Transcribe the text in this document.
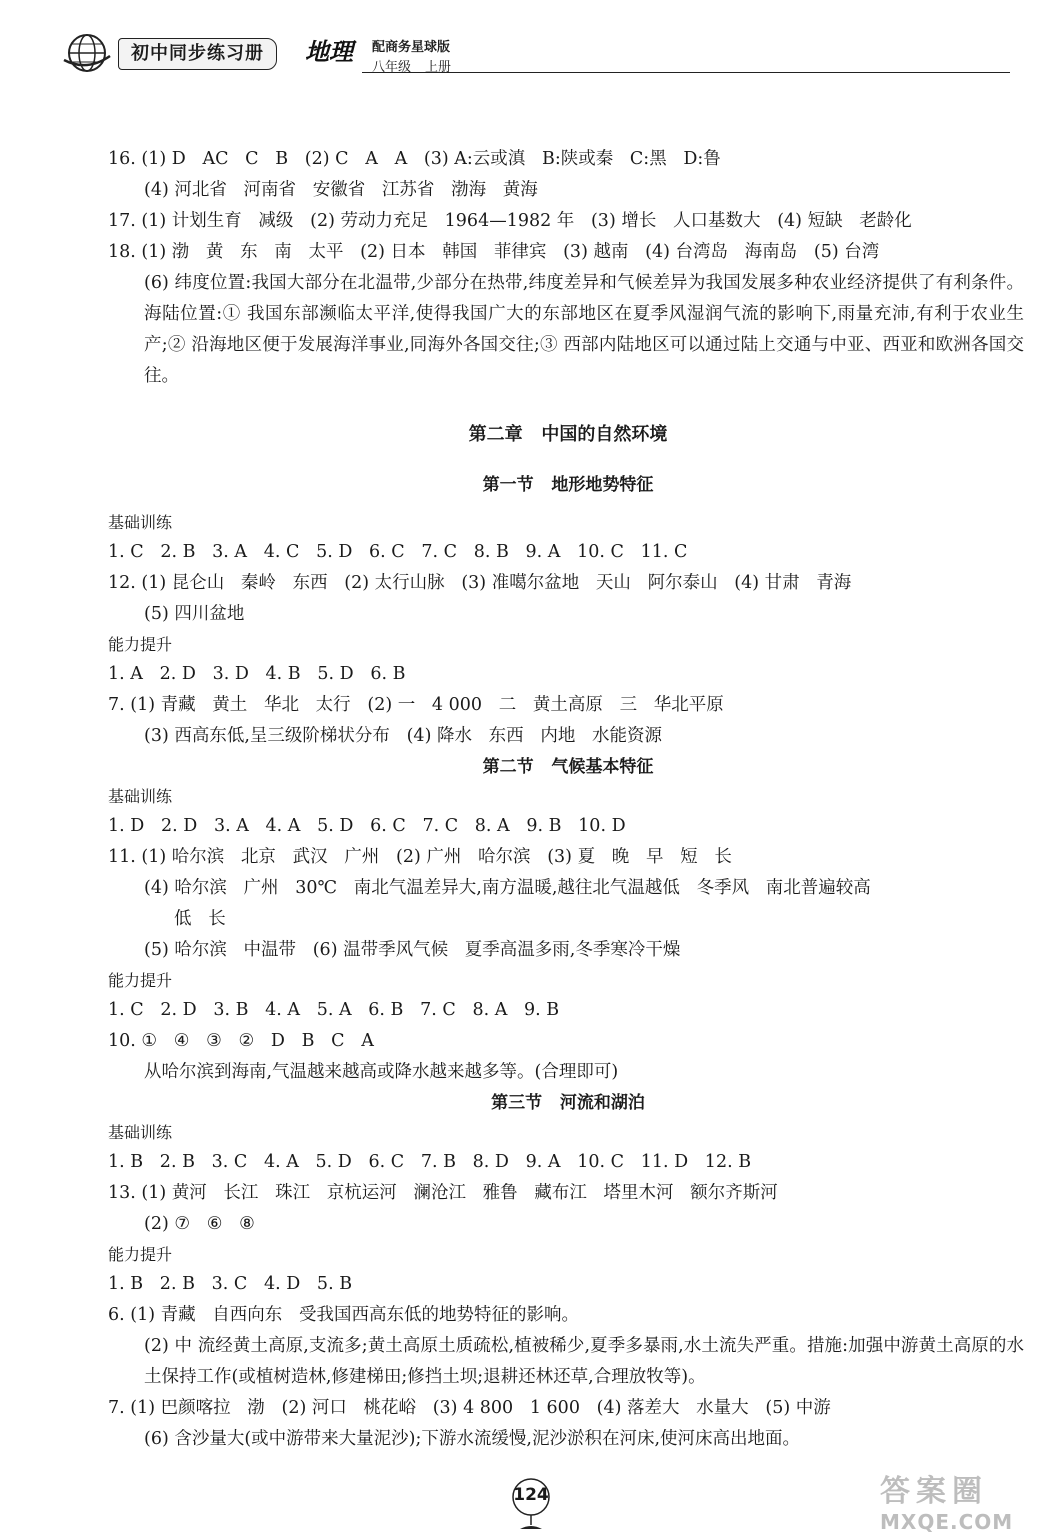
初中同步练习册	地理	配商务星球版
八年级 上册
16. (1) D   AC   C   B   (2) C   A   A   (3) A:云或滇   B:陕或秦   C:黑   D:鲁
(4) 河北省   河南省   安徽省   江苏省   渤海   黄海
17. (1) 计划生育   减级   (2) 劳动力充足   1964—1982 年   (3) 增长   人口基数大   (4) 短缺   老龄化
18. (1) 渤   黄   东   南   太平   (2) 日本   韩国   菲律宾   (3) 越南   (4) 台湾岛   海南岛   (5) 台湾
(6) 纬度位置:我国大部分在北温带,少部分在热带,纬度差异和气候差异为我国发展多种农业经济提供了有利条件。海陆位置:① 我国东部濒临太平洋,使得我国广大的东部地区在夏季风湿润气流的影响下,雨量充沛,有利于农业生产;② 沿海地区便于发展海洋事业,同海外各国交往;③ 西部内陆地区可以通过陆上交通与中亚、西亚和欧洲各国交往。
第二章   中国的自然环境
第一节   地形地势特征
基础训练
1. C   2. B   3. A   4. C   5. D   6. C   7. C   8. B   9. A   10. C   11. C
12. (1) 昆仑山   秦岭   东西   (2) 太行山脉   (3) 准噶尔盆地   天山   阿尔泰山   (4) 甘肃   青海
(5) 四川盆地
能力提升
1. A   2. D   3. D   4. B   5. D   6. B
7. (1) 青藏   黄土   华北   太行   (2) 一   4 000   二   黄土高原   三   华北平原
(3) 西高东低,呈三级阶梯状分布   (4) 降水   东西   内地   水能资源
第二节   气候基本特征
基础训练
1. D   2. D   3. A   4. A   5. D   6. C   7. C   8. A   9. B   10. D
11. (1) 哈尔滨   北京   武汉   广州   (2) 广州   哈尔滨   (3) 夏   晚   早   短   长
(4) 哈尔滨   广州   30℃   南北气温差异大,南方温暖,越往北气温越低   冬季风   南北普遍较高
低   长
(5) 哈尔滨   中温带   (6) 温带季风气候   夏季高温多雨,冬季寒冷干燥
能力提升
1. C   2. D   3. B   4. A   5. A   6. B   7. C   8. A   9. B
10. ①   ④   ③   ②   D   B   C   A
从哈尔滨到海南,气温越来越高或降水越来越多等。(合理即可)
第三节   河流和湖泊
基础训练
1. B   2. B   3. C   4. A   5. D   6. C   7. B   8. D   9. A   10. C   11. D   12. B
13. (1) 黄河   长江   珠江   京杭运河   澜沧江   雅鲁   藏布江   塔里木河   额尔齐斯河
(2) ⑦   ⑥   ⑧
能力提升
1. B   2. B   3. C   4. D   5. B
6. (1) 青藏   自西向东   受我国西高东低的地势特征的影响。
(2) 中 流经黄土高原,支流多;黄土高原土质疏松,植被稀少,夏季多暴雨,水土流失严重。措施:加强中游黄土高原的水土保持工作(或植树造林,修建梯田;修挡土坝;退耕还林还草,合理放牧等)。
7. (1) 巴颜喀拉   渤   (2) 河口   桃花峪   (3) 4 800   1 600   (4) 落差大   水量大   (5) 中游
(6) 含沙量大(或中游带来大量泥沙);下游水流缓慢,泥沙淤积在河床,使河床高出地面。
124	答案圈
MXQE.COM
